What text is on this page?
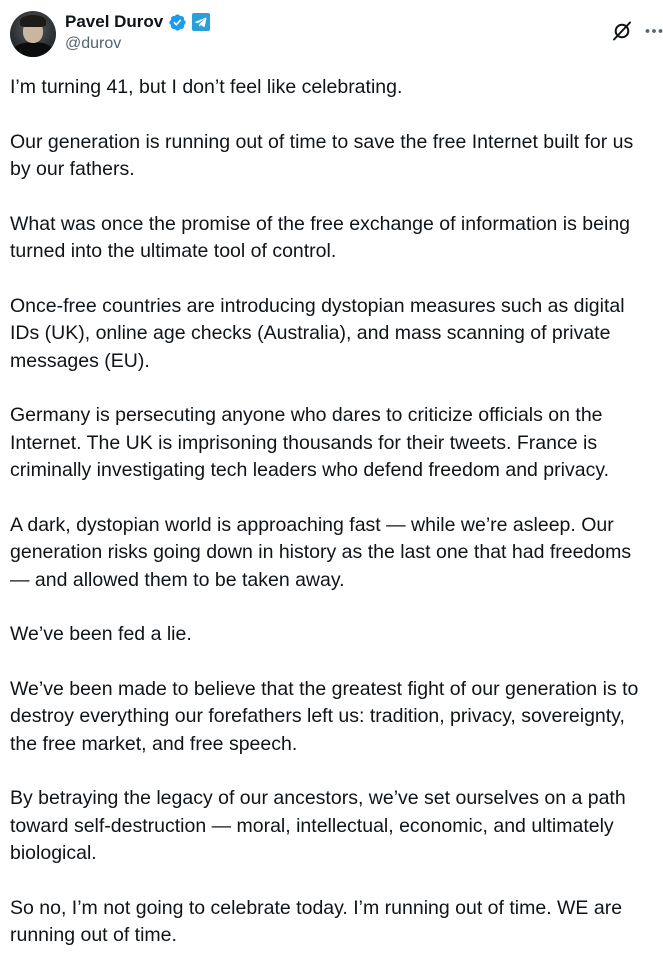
Pavel Durov
@durov

I’m turning 41, but I don’t feel like celebrating.

Our generation is running out of time to save the free Internet built for us by our fathers.

What was once the promise of the free exchange of information is being turned into the ultimate tool of control.

Once-free countries are introducing dystopian measures such as digital IDs (UK), online age checks (Australia), and mass scanning of private messages (EU).

Germany is persecuting anyone who dares to criticize officials on the Internet. The UK is imprisoning thousands for their tweets. France is criminally investigating tech leaders who defend freedom and privacy.

A dark, dystopian world is approaching fast — while we’re asleep. Our generation risks going down in history as the last one that had freedoms — and allowed them to be taken away.

We’ve been fed a lie.

We’ve been made to believe that the greatest fight of our generation is to destroy everything our forefathers left us: tradition, privacy, sovereignty, the free market, and free speech.

By betraying the legacy of our ancestors, we’ve set ourselves on a path toward self-destruction — moral, intellectual, economic, and ultimately biological.

So no, I’m not going to celebrate today. I’m running out of time. WE are running out of time.
